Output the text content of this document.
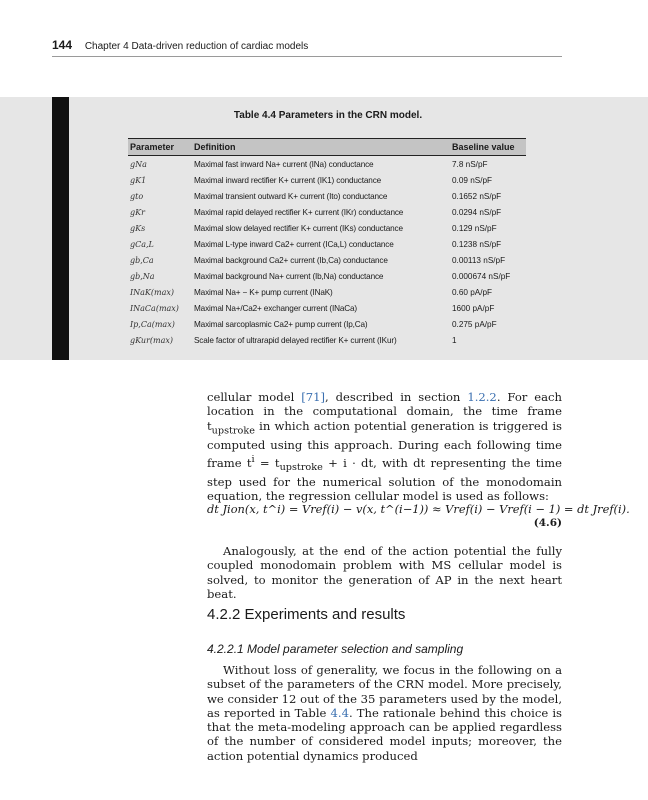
144 Chapter 4 Data-driven reduction of cardiac models
Table 4.4 Parameters in the CRN model.
Parameter	Definition	Baseline value
gNa	Maximal fast inward Na+ current (INa) conductance	7.8 nS/pF
gK1	Maximal inward rectifier K+ current (IK1) conductance	0.09 nS/pF
gto	Maximal transient outward K+ current (Ito) conductance	0.1652 nS/pF
gKr	Maximal rapid delayed rectifier K+ current (IKr) conductance	0.0294 nS/pF
gKs	Maximal slow delayed rectifier K+ current (IKs) conductance	0.129 nS/pF
gCa,L	Maximal L-type inward Ca2+ current (ICa,L) conductance	0.1238 nS/pF
gb,Ca	Maximal background Ca2+ current (Ib,Ca) conductance	0.00113 nS/pF
gb,Na	Maximal background Na+ current (Ib,Na) conductance	0.000674 nS/pF
INaK(max)	Maximal Na+ − K+ pump current (INaK)	0.60 pA/pF
INaCa(max)	Maximal Na+/Ca2+ exchanger current (INaCa)	1600 pA/pF
Ip,Ca(max)	Maximal sarcoplasmic Ca2+ pump current (Ip,Ca)	0.275 pA/pF
gKur(max)	Scale factor of ultrarapid delayed rectifier K+ current (IKur)	1
cellular model [71], described in section 1.2.2. For each location in the computational domain, the time frame $t_{upstroke}$ in which action potential generation is triggered is computed using this approach. During each following time frame $t^i = t_{upstroke} + i$ · dt, with dt representing the time step used for the numerical solution of the monodomain equation, the regression cellular model is used as follows:
dt Jion(x, t^i) = Vref(i) − v(x, t^(i−1)) ≈ Vref(i) − Vref(i − 1) = dt Jref(i).
(4.6)
Analogously, at the end of the action potential the fully coupled monodomain problem with MS cellular model is solved, to monitor the generation of AP in the next heart beat.
4.2.2 Experiments and results
4.2.2.1 Model parameter selection and sampling
Without loss of generality, we focus in the following on a subset of the parameters of the CRN model. More precisely, we consider 12 out of the 35 parameters used by the model, as reported in Table 4.4. The rationale behind this choice is that the meta-modeling approach can be applied regardless of the number of considered model inputs; moreover, the action potential dynamics produced
